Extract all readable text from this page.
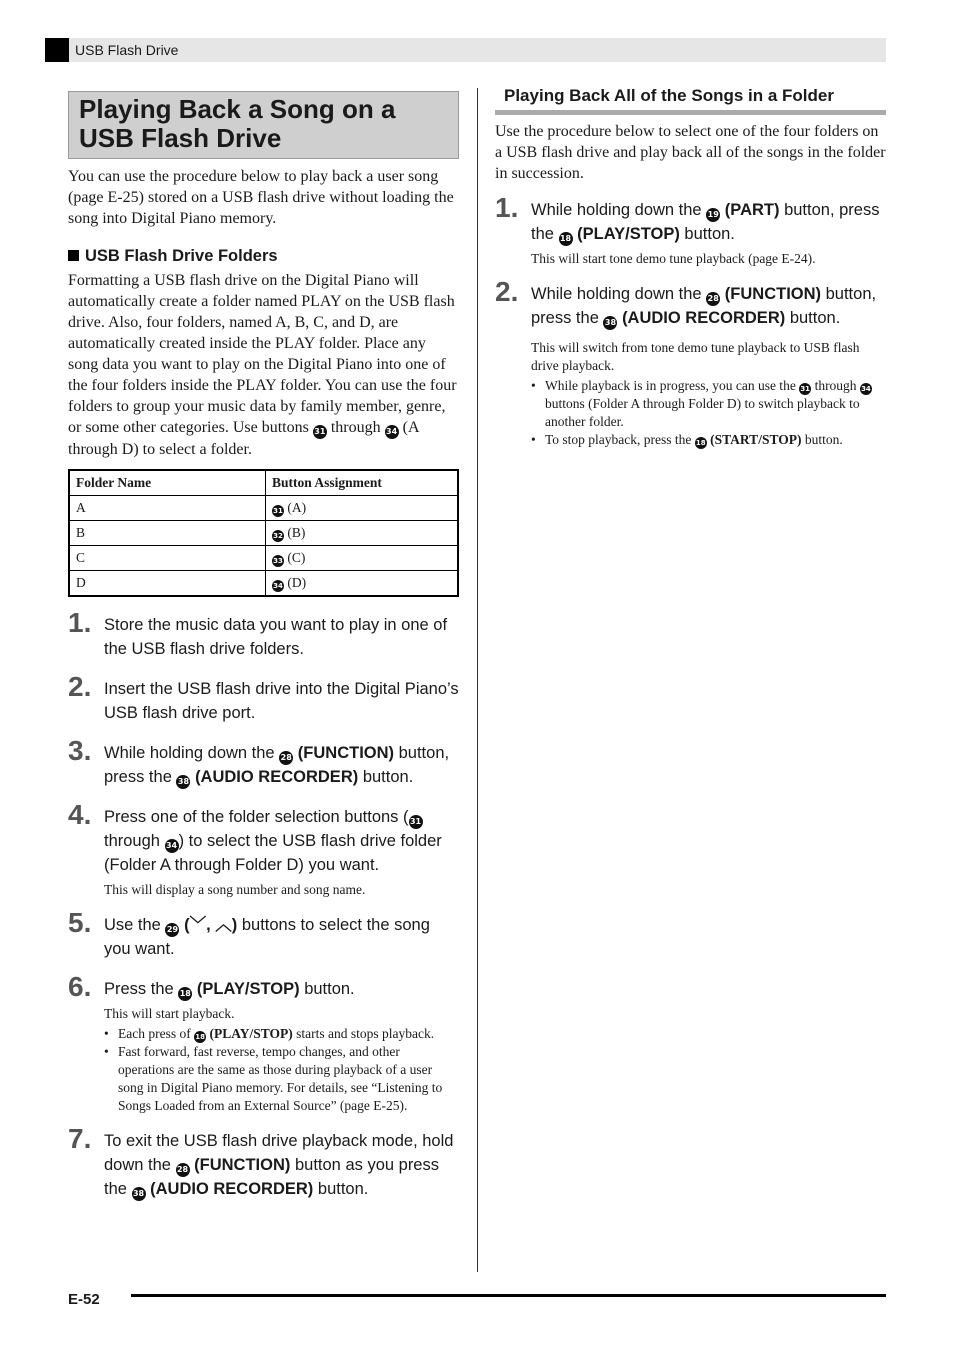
USB Flash Drive
Playing Back a Song on a USB Flash Drive

You can use the procedure below to play back a user song (page E-25) stored on a USB flash drive without loading the song into Digital Piano memory.

USB Flash Drive Folders

Formatting a USB flash drive on the Digital Piano will automatically create a folder named PLAY on the USB flash drive. Also, four folders, named A, B, C, and D, are automatically created inside the PLAY folder. Place any song data you want to play on the Digital Piano into one of the four folders inside the PLAY folder. You can use the four folders to group your music data by family member, genre, or some other categories. Use buttons 31 through 34 (A through D) to select a folder.

Folder Name	Button Assignment
A	31 (A)
B	32 (B)
C	33 (C)
D	34 (D)
1. Store the music data you want to play in one of the USB flash drive folders.

2. Insert the USB flash drive into the Digital Piano’s USB flash drive port.

3. While holding down the 28 (FUNCTION) button, press the 38 (AUDIO RECORDER) button.

4. Press one of the folder selection buttons (31 through 34) to select the USB flash drive folder (Folder A through Folder D) you want.

This will display a song number and song name.

5. Use the 29 (﹀, ︿) buttons to select the song you want.

6. Press the 18 (PLAY/STOP) button.

This will start playback.

• Each press of 18 (PLAY/STOP) starts and stops playback.
• Fast forward, fast reverse, tempo changes, and other operations are the same as those during playback of a user song in Digital Piano memory. For details, see “Listening to Songs Loaded from an External Source” (page E-25).
7. To exit the USB flash drive playback mode, hold down the 28 (FUNCTION) button as you press the 38 (AUDIO RECORDER) button.

Playing Back All of the Songs in a Folder

Use the procedure below to select one of the four folders on a USB flash drive and play back all of the songs in the folder in succession.

1. While holding down the 19 (PART) button, press the 18 (PLAY/STOP) button.

This will start tone demo tune playback (page E-24).

2. While holding down the 28 (FUNCTION) button, press the 38 (AUDIO RECORDER) button.

This will switch from tone demo tune playback to USB flash drive playback.

• While playback is in progress, you can use the 31 through 34 buttons (Folder A through Folder D) to switch playback to another folder.
• To stop playback, press the 18 (START/STOP) button.
E-52
